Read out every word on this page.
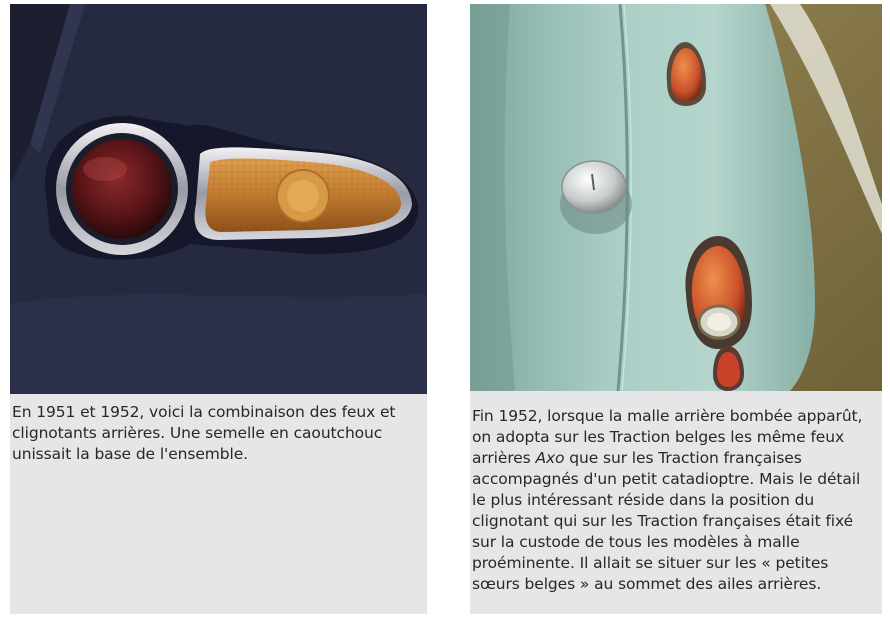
En 1951 et 1952, voici la combinaison des feux et clignotants arrières. Une semelle en caoutchouc unissait la base de l'ensemble.

Fin 1952, lorsque la malle arrière bombée apparût, on adopta sur les Traction belges les même feux arrières Axo que sur les Traction françaises accompagnés d'un petit catadioptre. Mais le détail le plus intéressant réside dans la position du clignotant qui sur les Traction françaises était fixé sur la custode de tous les modèles à malle proéminente. Il allait se situer sur les « petites sœurs belges » au sommet des ailes arrières.
